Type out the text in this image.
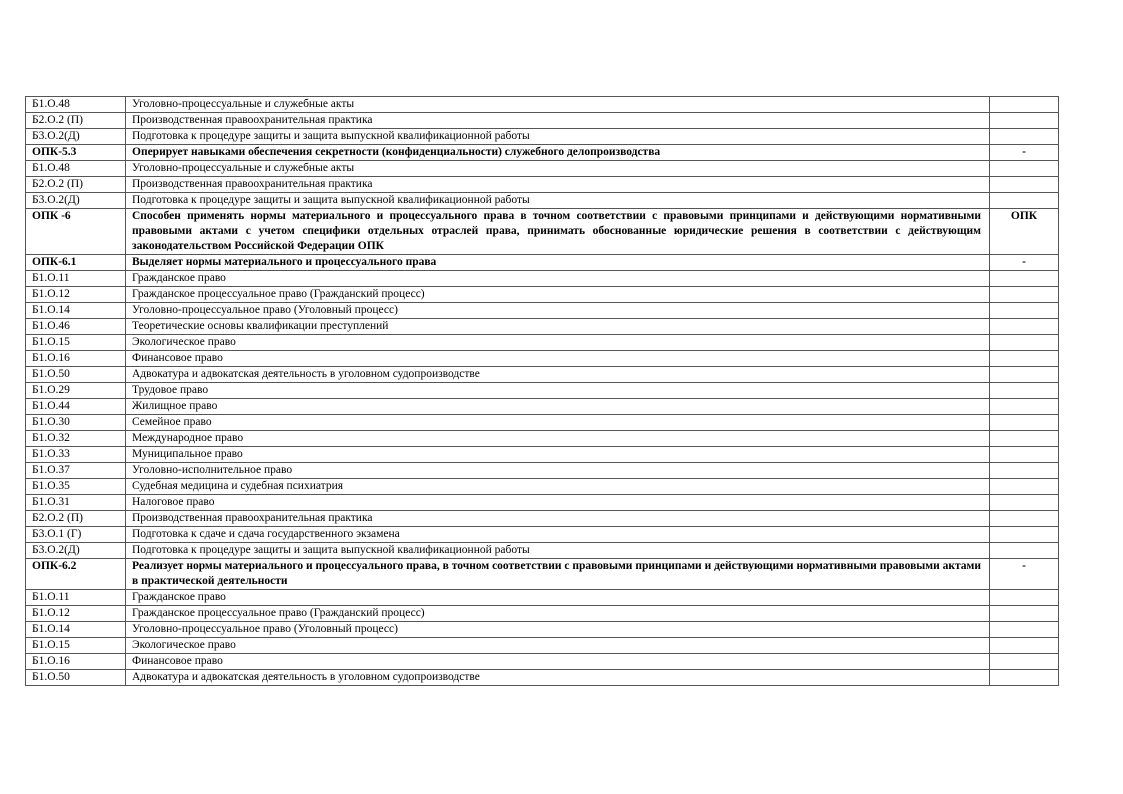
Б1.О.48	Уголовно-процессуальные и служебные акты	
Б2.О.2 (П)	Производственная правоохранительная практика	
Б3.О.2(Д)	Подготовка к процедуре защиты и защита выпускной квалификационной работы	
ОПК-5.3	Оперирует навыками обеспечения секретности (конфиденциальности) служебного делопроизводства	-
Б1.О.48	Уголовно-процессуальные и служебные акты	
Б2.О.2 (П)	Производственная правоохранительная практика	
Б3.О.2(Д)	Подготовка к процедуре защиты и защита выпускной квалификационной работы	
ОПК -6	Способен применять нормы материального и процессуального права в точном соответствии с правовыми принципами и действующими нормативными правовыми актами с учетом специфики отдельных отраслей права, принимать обоснованные юридические решения в соответствии с действующим законодательством Российской Федерации ОПК	ОПК
ОПК-6.1	Выделяет нормы материального и процессуального права	-
Б1.О.11	Гражданское право	
Б1.О.12	Гражданское процессуальное право (Гражданский процесс)	
Б1.О.14	Уголовно-процессуальное право (Уголовный процесс)	
Б1.О.46	Теоретические основы квалификации преступлений	
Б1.О.15	Экологическое право	
Б1.О.16	Финансовое право	
Б1.О.50	Адвокатура и адвокатская деятельность в уголовном судопроизводстве	
Б1.О.29	Трудовое право	
Б1.О.44	Жилищное право	
Б1.О.30	Семейное право	
Б1.О.32	Международное право	
Б1.О.33	Муниципальное право	
Б1.О.37	Уголовно-исполнительное право	
Б1.О.35	Судебная медицина и судебная психиатрия	
Б1.О.31	Налоговое право	
Б2.О.2 (П)	Производственная правоохранительная практика	
Б3.О.1 (Г)	Подготовка к сдаче и сдача государственного экзамена	
Б3.О.2(Д)	Подготовка к процедуре защиты и защита выпускной квалификационной работы	
ОПК-6.2	Реализует нормы материального и процессуального права, в точном соответствии с правовыми принципами и действующими нормативными правовыми актами в практической деятельности	-
Б1.О.11	Гражданское право	
Б1.О.12	Гражданское процессуальное право (Гражданский процесс)	
Б1.О.14	Уголовно-процессуальное право (Уголовный процесс)	
Б1.О.15	Экологическое право	
Б1.О.16	Финансовое право	
Б1.О.50	Адвокатура и адвокатская деятельность в уголовном судопроизводстве	
